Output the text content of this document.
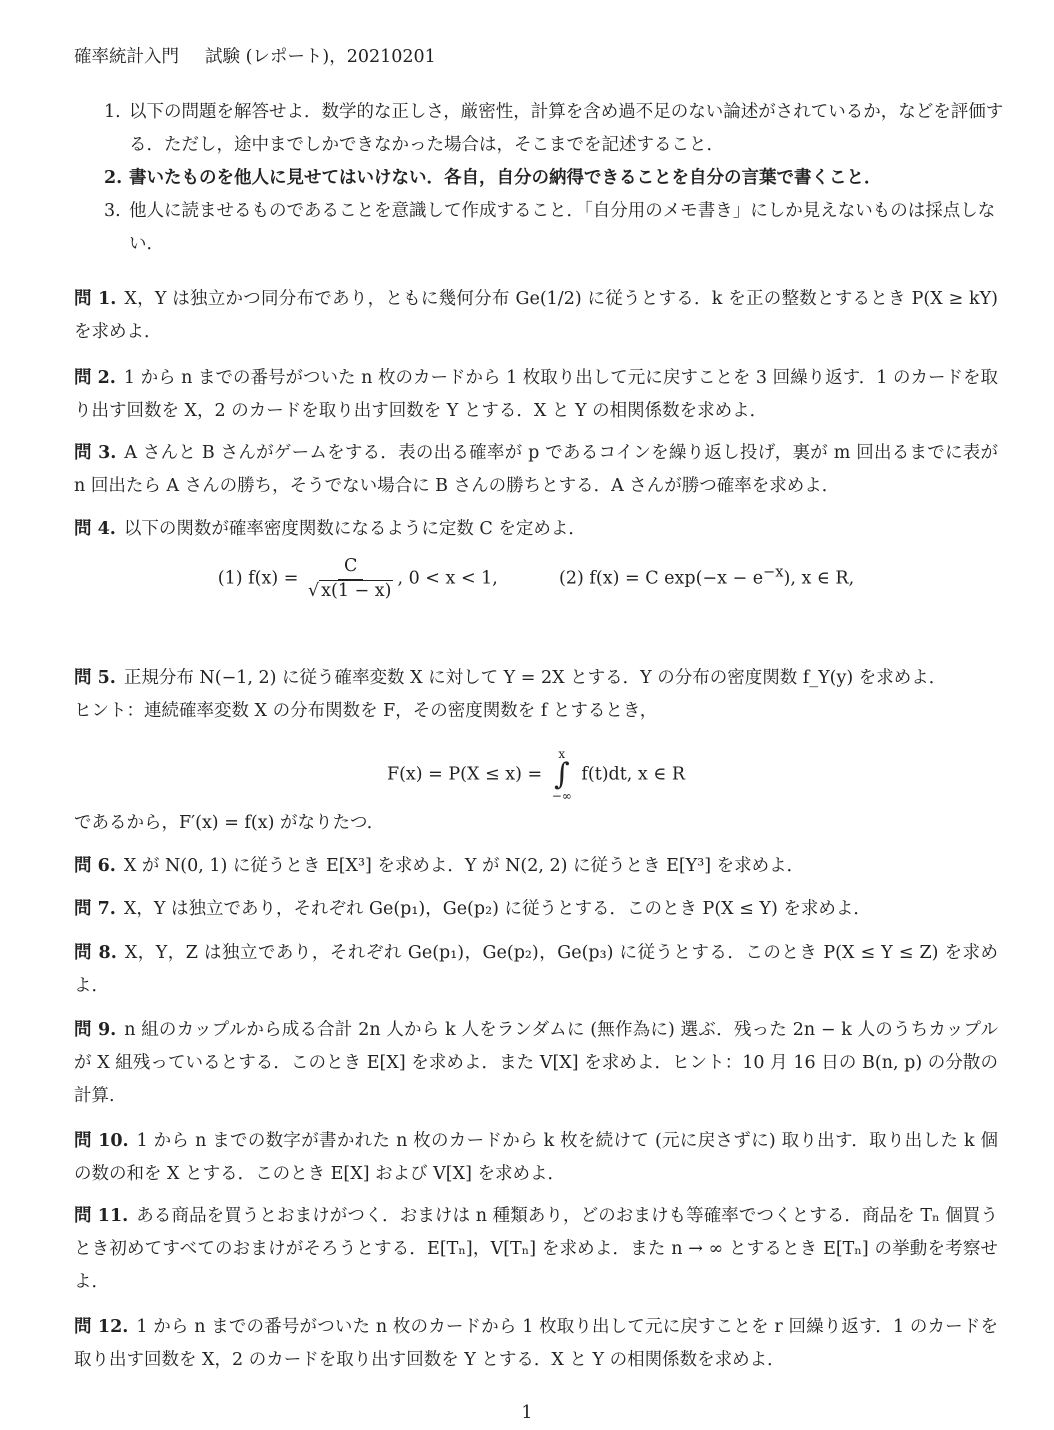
確率統計入門 試験 (レポート)，20210201
1. 以下の問題を解答せよ．数学的な正しさ，厳密性，計算を含め過不足のない論述がされているか，などを評価する．ただし，途中までしかできなかった場合は，そこまでを記述すること．
2. 書いたものを他人に見せてはいけない．各自，自分の納得できることを自分の言葉で書くこと．
3. 他人に読ませるものであることを意識して作成すること．「自分用のメモ書き」にしか見えないものは採点しない．
問 1. X，Y は独立かつ同分布であり，ともに幾何分布 Ge(1/2) に従うとする．k を正の整数とするとき P(X ≥ kY) を求めよ．
問 2. 1 から n までの番号がついた n 枚のカードから 1 枚取り出して元に戻すことを 3 回繰り返す．1 のカードを取り出す回数を X，2 のカードを取り出す回数を Y とする．X と Y の相関係数を求めよ．
問 3. A さんと B さんがゲームをする．表の出る確率が p であるコインを繰り返し投げ，裏が m 回出るまでに表が n 回出たら A さんの勝ち，そうでない場合に B さんの勝ちとする．A さんが勝つ確率を求めよ．
問 4. 以下の関数が確率密度関数になるように定数 C を定めよ．
(1) $f(x) = \frac{C}{√ x(1 - x)}$ , 0 < x < 1,	(2) f(x) = C $\exp(-x - e^{-x})$, x ∈ R,
問 5. 正規分布 N(−1, 2) に従う確率変数 X に対して Y = 2X とする．Y の分布の密度関数 f_Y(y) を求めよ．
ヒント：連続確率変数 X の分布関数を F，その密度関数を f とするとき，
F(x) = P(X ≤ x) =
x
∫
−∞
f(t)dt, x ∈ R
であるから，F′(x) = f(x) がなりたつ．
問 6. X が N(0, 1) に従うとき E[X³] を求めよ．Y が N(2, 2) に従うとき E[Y³] を求めよ．
問 7. X，Y は独立であり，それぞれ Ge(p₁)，Ge(p₂) に従うとする．このとき P(X ≤ Y) を求めよ．
問 8. X，Y，Z は独立であり，それぞれ Ge(p₁)，Ge(p₂)，Ge(p₃) に従うとする．このとき P(X ≤ Y ≤ Z) を求めよ．
問 9. n 組のカップルから成る合計 2n 人から k 人をランダムに (無作為に) 選ぶ．残った 2n − k 人のうちカップルが X 組残っているとする．このとき E[X] を求めよ．また V[X] を求めよ．ヒント：10 月 16 日の B(n, p) の分散の計算.
問 10. 1 から n までの数字が書かれた n 枚のカードから k 枚を続けて (元に戻さずに) 取り出す．取り出した k 個の数の和を X とする．このとき E[X] および V[X] を求めよ．
問 11. ある商品を買うとおまけがつく．おまけは n 種類あり，どのおまけも等確率でつくとする．商品を Tₙ 個買うとき初めてすべてのおまけがそろうとする．E[Tₙ]，V[Tₙ] を求めよ．また n → ∞ とするとき E[Tₙ] の挙動を考察せよ．
問 12. 1 から n までの番号がついた n 枚のカードから 1 枚取り出して元に戻すことを r 回繰り返す．1 のカードを取り出す回数を X，2 のカードを取り出す回数を Y とする．X と Y の相関係数を求めよ．
1
